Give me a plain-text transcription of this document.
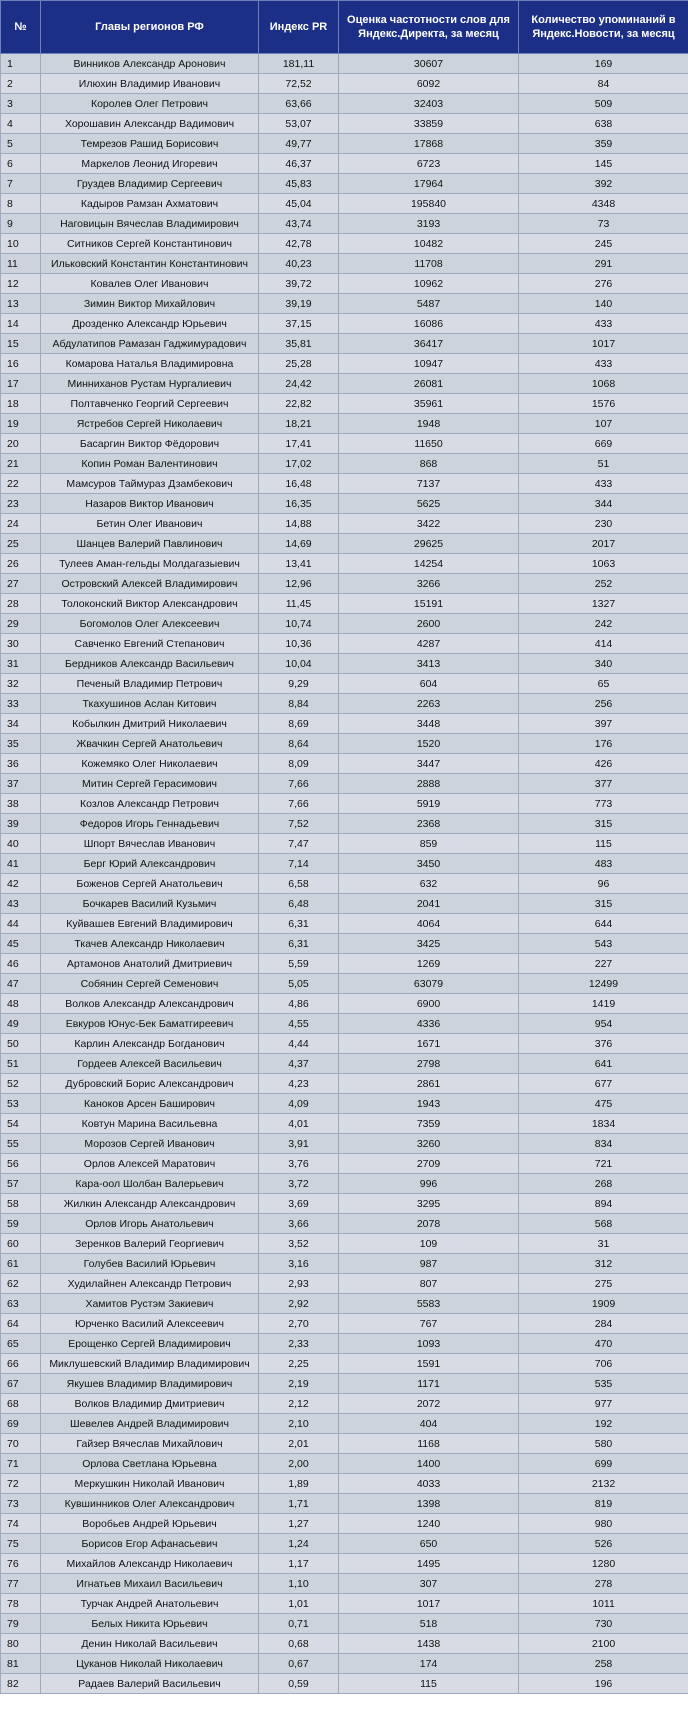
№	Главы регионов РФ	Индекс PR	Оценка частотности слов для Яндекс.Директа, за месяц	Количество упоминаний в Яндекс.Новости, за месяц
1	Винников Александр Аронович	181,11	30607	169
2	Илюхин Владимир Иванович	72,52	6092	84
3	Королев Олег Петрович	63,66	32403	509
4	Хорошавин Александр Вадимович	53,07	33859	638
5	Темрезов Рашид Борисович	49,77	17868	359
6	Маркелов Леонид Игоревич	46,37	6723	145
7	Груздев Владимир Сергеевич	45,83	17964	392
8	Кадыров Рамзан Ахматович	45,04	195840	4348
9	Наговицын Вячеслав Владимирович	43,74	3193	73
10	Ситников Сергей Константинович	42,78	10482	245
11	Ильковский Константин Константинович	40,23	11708	291
12	Ковалев Олег Иванович	39,72	10962	276
13	Зимин Виктор Михайлович	39,19	5487	140
14	Дрозденко Александр Юрьевич	37,15	16086	433
15	Абдулатипов Рамазан Гаджимурадович	35,81	36417	1017
16	Комарова Наталья Владимировна	25,28	10947	433
17	Минниханов Рустам Нургалиевич	24,42	26081	1068
18	Полтавченко Георгий Сергеевич	22,82	35961	1576
19	Ястребов Сергей Николаевич	18,21	1948	107
20	Басаргин Виктор Фёдорович	17,41	11650	669
21	Копин Роман Валентинович	17,02	868	51
22	Мамсуров Таймураз Дзамбекович	16,48	7137	433
23	Назаров Виктор Иванович	16,35	5625	344
24	Бетин Олег Иванович	14,88	3422	230
25	Шанцев Валерий Павлинович	14,69	29625	2017
26	Тулеев Аман-гельды Молдагазыевич	13,41	14254	1063
27	Островский Алексей Владимирович	12,96	3266	252
28	Толоконский Виктор Александрович	11,45	15191	1327
29	Богомолов Олег Алексеевич	10,74	2600	242
30	Савченко Евгений Степанович	10,36	4287	414
31	Бердников Александр Васильевич	10,04	3413	340
32	Печеный Владимир Петрович	9,29	604	65
33	Ткахушинов Аслан Китович	8,84	2263	256
34	Кобылкин Дмитрий Николаевич	8,69	3448	397
35	Жвачкин Сергей Анатольевич	8,64	1520	176
36	Кожемяко Олег Николаевич	8,09	3447	426
37	Митин Сергей Герасимович	7,66	2888	377
38	Козлов Александр Петрович	7,66	5919	773
39	Федоров Игорь Геннадьевич	7,52	2368	315
40	Шпорт Вячеслав Иванович	7,47	859	115
41	Берг Юрий Александрович	7,14	3450	483
42	Боженов Сергей Анатольевич	6,58	632	96
43	Бочкарев Василий Кузьмич	6,48	2041	315
44	Куйвашев Евгений Владимирович	6,31	4064	644
45	Ткачев Александр Николаевич	6,31	3425	543
46	Артамонов Анатолий Дмитриевич	5,59	1269	227
47	Собянин Сергей Семенович	5,05	63079	12499
48	Волков Александр Александрович	4,86	6900	1419
49	Евкуров Юнус-Бек Баматгиреевич	4,55	4336	954
50	Карлин Александр Богданович	4,44	1671	376
51	Гордеев Алексей Васильевич	4,37	2798	641
52	Дубровский Борис Александрович	4,23	2861	677
53	Каноков Арсен Баширович	4,09	1943	475
54	Ковтун Марина Васильевна	4,01	7359	1834
55	Морозов Сергей Иванович	3,91	3260	834
56	Орлов Алексей Маратович	3,76	2709	721
57	Кара-оол Шолбан Валерьевич	3,72	996	268
58	Жилкин Александр Александрович	3,69	3295	894
59	Орлов Игорь Анатольевич	3,66	2078	568
60	Зеренков Валерий Георгиевич	3,52	109	31
61	Голубев Василий Юрьевич	3,16	987	312
62	Худилайнен Александр Петрович	2,93	807	275
63	Хамитов Рустэм Закиевич	2,92	5583	1909
64	Юрченко Василий Алексеевич	2,70	767	284
65	Ерощенко Сергей Владимирович	2,33	1093	470
66	Миклушевский Владимир Владимирович	2,25	1591	706
67	Якушев Владимир Владимирович	2,19	1171	535
68	Волков Владимир Дмитриевич	2,12	2072	977
69	Шевелев Андрей Владимирович	2,10	404	192
70	Гайзер Вячеслав Михайлович	2,01	1168	580
71	Орлова Светлана Юрьевна	2,00	1400	699
72	Меркушкин Николай Иванович	1,89	4033	2132
73	Кувшинников Олег Александрович	1,71	1398	819
74	Воробьев Андрей Юрьевич	1,27	1240	980
75	Борисов Егор Афанасьевич	1,24	650	526
76	Михайлов Александр Николаевич	1,17	1495	1280
77	Игнатьев Михаил Васильевич	1,10	307	278
78	Турчак Андрей Анатольевич	1,01	1017	1011
79	Белых Никита Юрьевич	0,71	518	730
80	Денин Николай Васильевич	0,68	1438	2100
81	Цуканов Николай Николаевич	0,67	174	258
82	Радаев Валерий Васильевич	0,59	115	196
